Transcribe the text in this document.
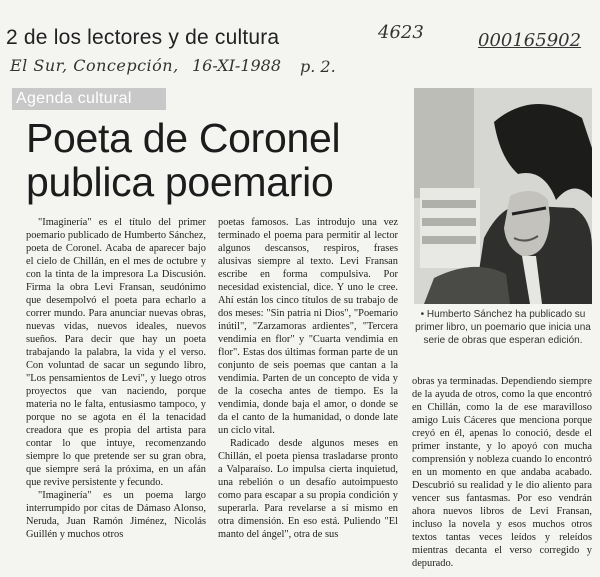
2 de los lectores y de cultura	4623	000165902
El Sur, Concepción, 16-XI-1988 p. 2.
Agenda cultural
Poeta de Coronel
publica poemario

"Imaginería" es el título del primer poemario publicado de Humberto Sánchez, poeta de Coronel. Acaba de aparecer bajo el cielo de Chillán, en el mes de octubre y con la tinta de la impresora La Discusión. Firma la obra Levi Fransan, seudónimo que desempolvó el poeta para echarlo a correr mundo. Para anunciar nuevas obras, nuevas vidas, nuevos ideales, nuevos sueños. Para decir que hay un poeta trabajando la palabra, la vida y el verso. Con voluntad de sacar un segundo libro, "Los pensamientos de Levi", y luego otros proyectos que van naciendo, porque materia no le falta, entusiasmo tampoco, y porque no se agota en él la tenacidad creadora que es propia del artista para contar lo que intuye, recomenzando siempre lo que pretende ser su gran obra, que siempre será la próxima, en un afán que revive persistente y fecundo.

"Imaginería" es un poema largo interrumpido por citas de Dámaso Alonso, Neruda, Juan Ramón Jiménez, Nicolás Guillén y muchos otros

poetas famosos. Las introdujo una vez terminado el poema para permitir al lector algunos descansos, respiros, frases alusivas siempre al texto. Levi Fransan escribe en forma compulsiva. Por necesidad existencial, dice. Y uno le cree. Ahí están los cinco títulos de su trabajo de dos meses: "Sin patria ni Dios", "Poemario inútil", "Zarzamoras ardientes", "Tercera vendimia en flor" y "Cuarta vendimia en flor". Estas dos últimas forman parte de un conjunto de seis poemas que cantan a la vendimia. Parten de un concepto de vida y de la cosecha antes de tiempo. Es la vendimia, donde baja el amor, o donde se da el canto de la humanidad, o donde late un ciclo vital.

Radicado desde algunos meses en Chillán, el poeta piensa trasladarse pronto a Valparaíso. Lo impulsa cierta inquietud, una rebelión o un desafío autoimpuesto como para escapar a su propia condición y superarla. Para revelarse a sí mismo en otra dimensión. En eso está. Puliendo "El manto del ángel", otra de sus

• Humberto Sánchez ha publicado su primer libro, un poemario que inicia una serie de obras que esperan edición.

obras ya terminadas. Dependiendo siempre de la ayuda de otros, como la que encontró en Chillán, como la de ese maravilloso amigo Luis Cáceres que menciona porque creyó en él, apenas lo conoció, desde el primer instante, y lo apoyó con mucha comprensión y nobleza cuando lo encontró en un momento en que andaba acabado. Descubrió su realidad y le dio aliento para vencer sus fantasmas. Por eso vendrán ahora nuevos libros de Levi Fransan, incluso la novela y esos muchos otros textos tantas veces leídos y releídos mientras decanta el verso corregido y depurado.
